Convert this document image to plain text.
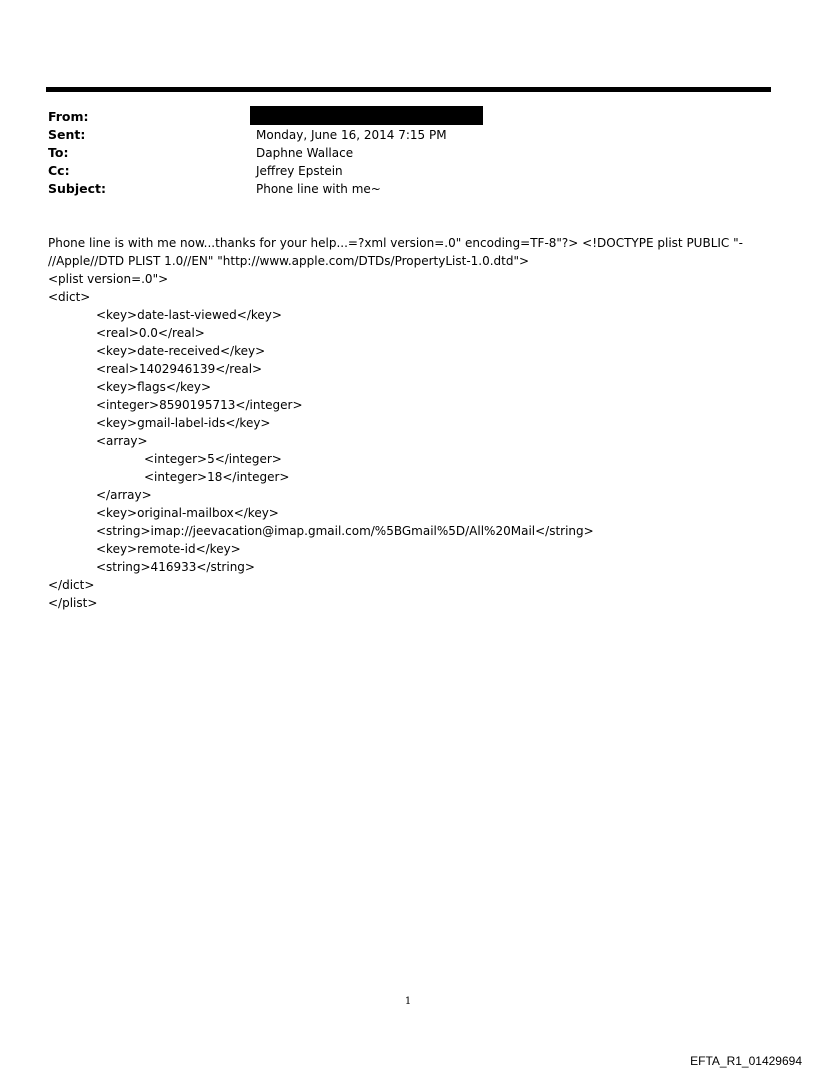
From:
Sent:	Monday, June 16, 2014 7:15 PM
To:	Daphne Wallace
Cc:	Jeffrey Epstein
Subject:	Phone line with me~
Phone line is with me now...thanks for your help...=?xml version=.0" encoding=TF-8"?> <!DOCTYPE plist PUBLIC "-
//Apple//DTD PLIST 1.0//EN" "http://www.apple.com/DTDs/PropertyList-1.0.dtd">
<plist version=.0">
<dict>
<key>date-last-viewed</key>
<real>0.0</real>
<key>date-received</key>
<real>1402946139</real>
<key>flags</key>
<integer>8590195713</integer>
<key>gmail-label-ids</key>
<array>
<integer>5</integer>
<integer>18</integer>
</array>
<key>original-mailbox</key>
<string>imap://jeevacation@imap.gmail.com/%5BGmail%5D/All%20Mail</string>
<key>remote-id</key>
<string>416933</string>
</dict>
</plist>
1
EFTA_R1_01429694
